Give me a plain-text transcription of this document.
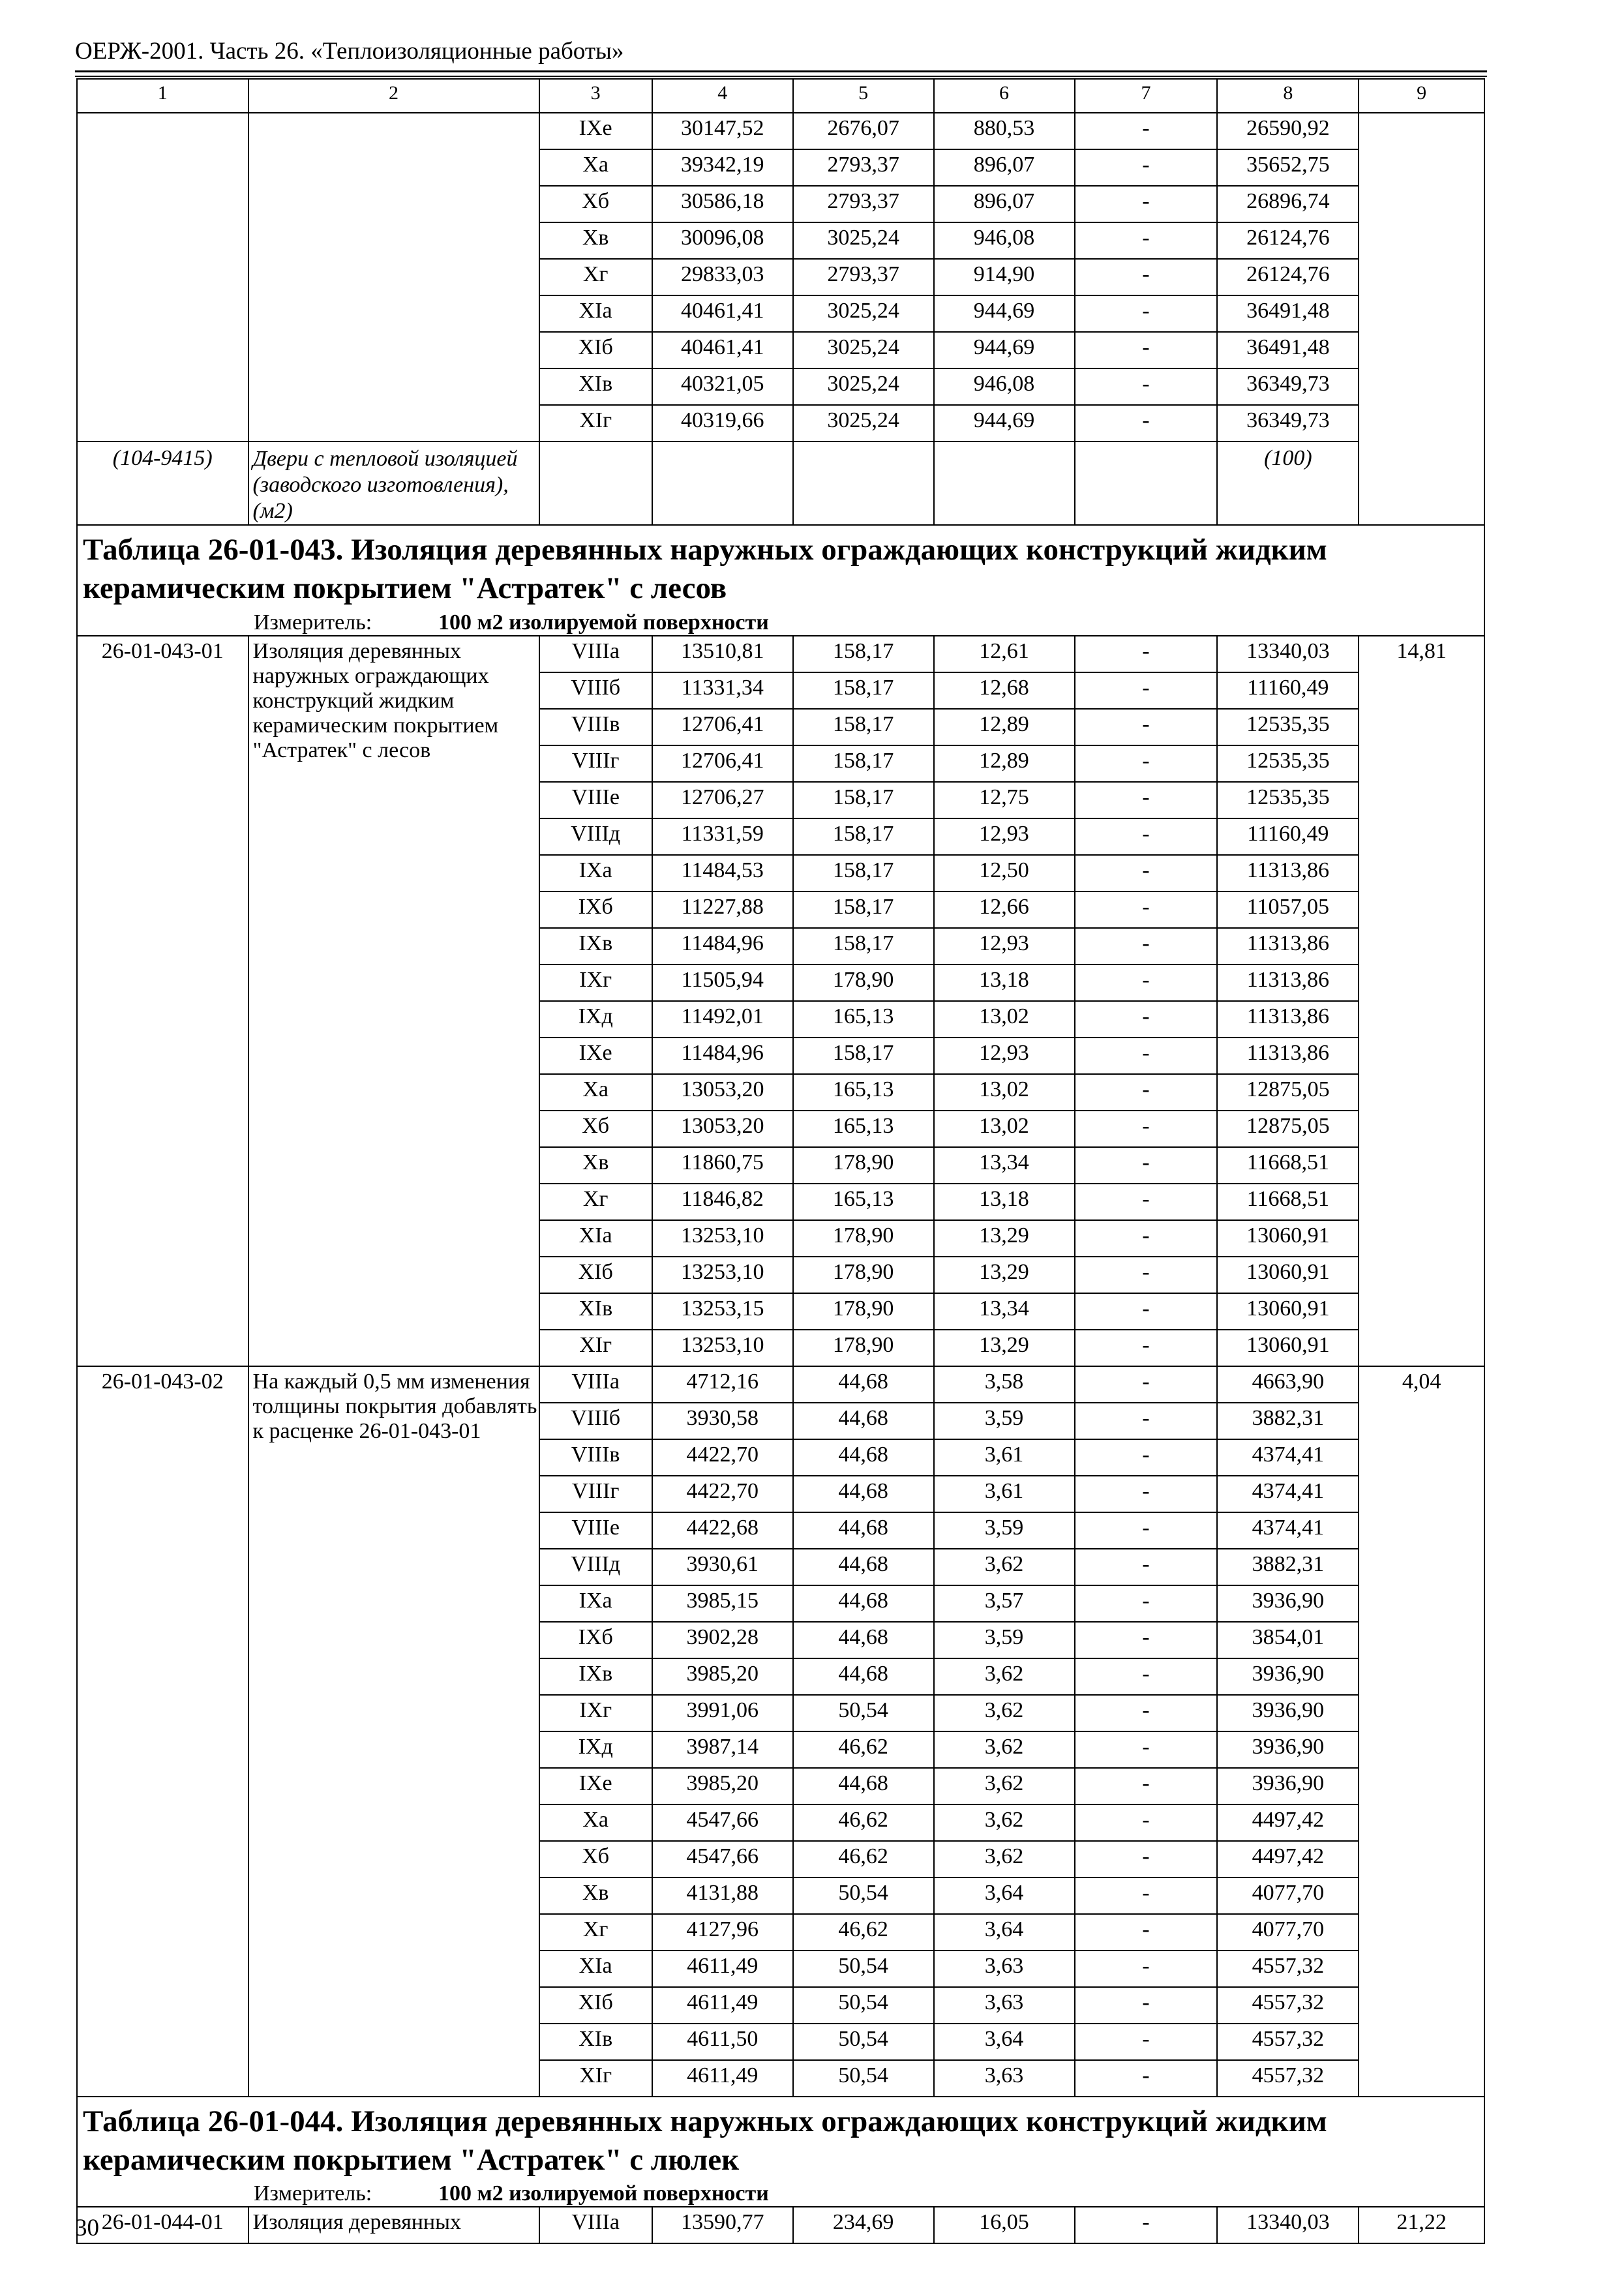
ОЕРЖ-2001. Часть 26. «Теплоизоляционные работы»
1	2	3	4	5	6	7	8	9
		IXе	30147,52	2676,07	880,53	-	26590,92	
		Xа	39342,19	2793,37	896,07	-	35652,75	
		Xб	30586,18	2793,37	896,07	-	26896,74	
		Xв	30096,08	3025,24	946,08	-	26124,76	
		Xг	29833,03	2793,37	914,90	-	26124,76	
		XIа	40461,41	3025,24	944,69	-	36491,48	
		XIб	40461,41	3025,24	944,69	-	36491,48	
		XIв	40321,05	3025,24	946,08	-	36349,73	
		XIг	40319,66	3025,24	944,69	-	36349,73	
(104-9415)	Двери с тепловой изоляцией (заводского изготовления), (м2)						(100)	

Таблица 26-01-043. Изоляция деревянных наружных ограждающих конструкций жидким керамическим покрытием "Астратек" с лесов
Измеритель: 100 м2 изолируемой поверхности								

26-01-043-01	Изоляция деревянных наружных ограждающих конструкций жидким керамическим покрытием "Астратек" с лесов	VIIIа	13510,81	158,17	12,61	-	13340,03	14,81
		VIIIб	11331,34	158,17	12,68	-	11160,49	
		VIIIв	12706,41	158,17	12,89	-	12535,35	
		VIIIг	12706,41	158,17	12,89	-	12535,35	
		VIIIе	12706,27	158,17	12,75	-	12535,35	
		VIIIд	11331,59	158,17	12,93	-	11160,49	
		IXа	11484,53	158,17	12,50	-	11313,86	
		IXб	11227,88	158,17	12,66	-	11057,05	
		IXв	11484,96	158,17	12,93	-	11313,86	
		IXг	11505,94	178,90	13,18	-	11313,86	
		IXд	11492,01	165,13	13,02	-	11313,86	
		IXе	11484,96	158,17	12,93	-	11313,86	
		Xа	13053,20	165,13	13,02	-	12875,05	
		Xб	13053,20	165,13	13,02	-	12875,05	
		Xв	11860,75	178,90	13,34	-	11668,51	
		Xг	11846,82	165,13	13,18	-	11668,51	
		XIа	13253,10	178,90	13,29	-	13060,91	
		XIб	13253,10	178,90	13,29	-	13060,91	
		XIв	13253,15	178,90	13,34	-	13060,91	
		XIг	13253,10	178,90	13,29	-	13060,91	
26-01-043-02	На каждый 0,5 мм изменения толщины покрытия добавлять к расценке 26-01-043-01	VIIIа	4712,16	44,68	3,58	-	4663,90	4,04
		VIIIб	3930,58	44,68	3,59	-	3882,31	
		VIIIв	4422,70	44,68	3,61	-	4374,41	
		VIIIг	4422,70	44,68	3,61	-	4374,41	
		VIIIе	4422,68	44,68	3,59	-	4374,41	
		VIIIд	3930,61	44,68	3,62	-	3882,31	
		IXа	3985,15	44,68	3,57	-	3936,90	
		IXб	3902,28	44,68	3,59	-	3854,01	
		IXв	3985,20	44,68	3,62	-	3936,90	
		IXг	3991,06	50,54	3,62	-	3936,90	
		IXд	3987,14	46,62	3,62	-	3936,90	
		IXе	3985,20	44,68	3,62	-	3936,90	
		Xа	4547,66	46,62	3,62	-	4497,42	
		Xб	4547,66	46,62	3,62	-	4497,42	
		Xв	4131,88	50,54	3,64	-	4077,70	
		Xг	4127,96	46,62	3,64	-	4077,70	
		XIа	4611,49	50,54	3,63	-	4557,32	
		XIб	4611,49	50,54	3,63	-	4557,32	
		XIв	4611,50	50,54	3,64	-	4557,32	
		XIг	4611,49	50,54	3,63	-	4557,32	

Таблица 26-01-044. Изоляция деревянных наружных ограждающих конструкций жидким керамическим покрытием "Астратек" с люлек
Измеритель: 100 м2 изолируемой поверхности								

26-01-044-01	Изоляция деревянных	VIIIа	13590,77	234,69	16,05	-	13340,03	21,22
30
